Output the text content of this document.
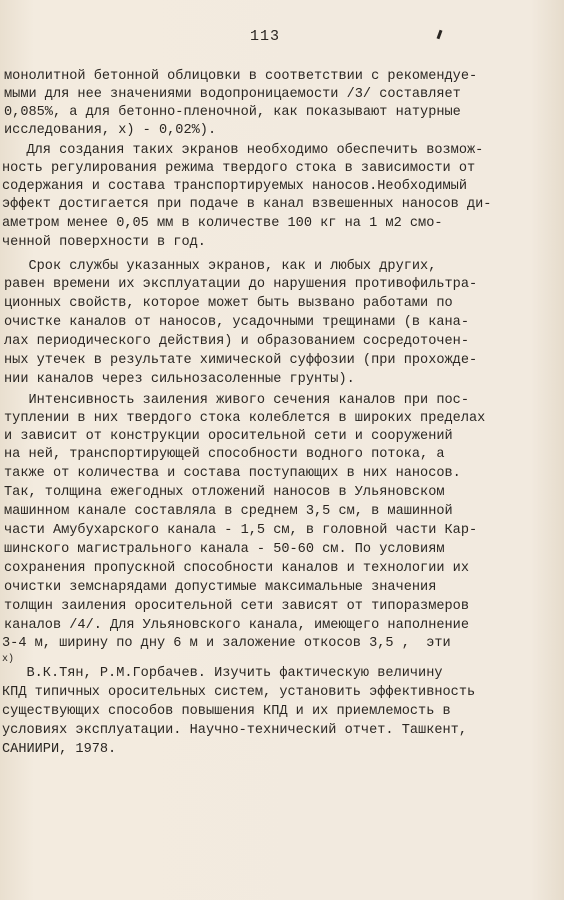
113
монолитной бетонной облицовки в соответствии с рекомендуе-
мыми для нее значениями водопроницаемости /3/ составляет
0,085%, а для бетонно-пленочной, как показывают натурные
исследования, x) - 0,02%).
Для создания таких экранов необходимо обеспечить возмож-
ность регулирования режима твердого стока в зависимости от
содержания и состава транспортируемых наносов.Необходимый
эффект достигается при подаче в канал взвешенных наносов ди-
аметром менее 0,05 мм в количестве 100 кг на 1 м2 смо-
ченной поверхности в год.
Срок службы указанных экранов, как и любых других,
равен времени их эксплуатации до нарушения противофильтра-
ционных свойств, которое может быть вызвано работами по
очистке каналов от наносов, усадочными трещинами (в кана-
лах периодического действия) и образованием сосредоточен-
ных утечек в результате химической суффозии (при прохожде-
нии каналов через сильнозасоленные грунты).
Интенсивность заиления живого сечения каналов при пос-
туплении в них твердого стока колеблется в широких пределах
и зависит от конструкции оросительной сети и сооружений
на ней, транспортирующей способности водного потока, а
также от количества и состава поступающих в них наносов.
Так, толщина ежегодных отложений наносов в Ульяновском
машинном канале составляла в среднем 3,5 см, в машинной
части Амубухарского канала - 1,5 см, в головной части Кар-
шинского магистрального канала - 50-60 см. По условиям
сохранения пропускной способности каналов и технологии их
очистки земснарядами допустимые максимальные значения
толщин заиления оросительной сети зависят от типоразмеров
каналов /4/. Для Ульяновского канала, имеющего наполнение
3-4 м, ширину по дну 6 м и заложение откосов 3,5 ,  эти
x)
В.К.Тян, Р.М.Горбачев. Изучить фактическую величину
КПД типичных оросительных систем, установить эффективность
существующих способов повышения КПД и их приемлемость в
условиях эксплуатации. Научно-технический отчет. Ташкент,
САНИИРИ, 1978.
